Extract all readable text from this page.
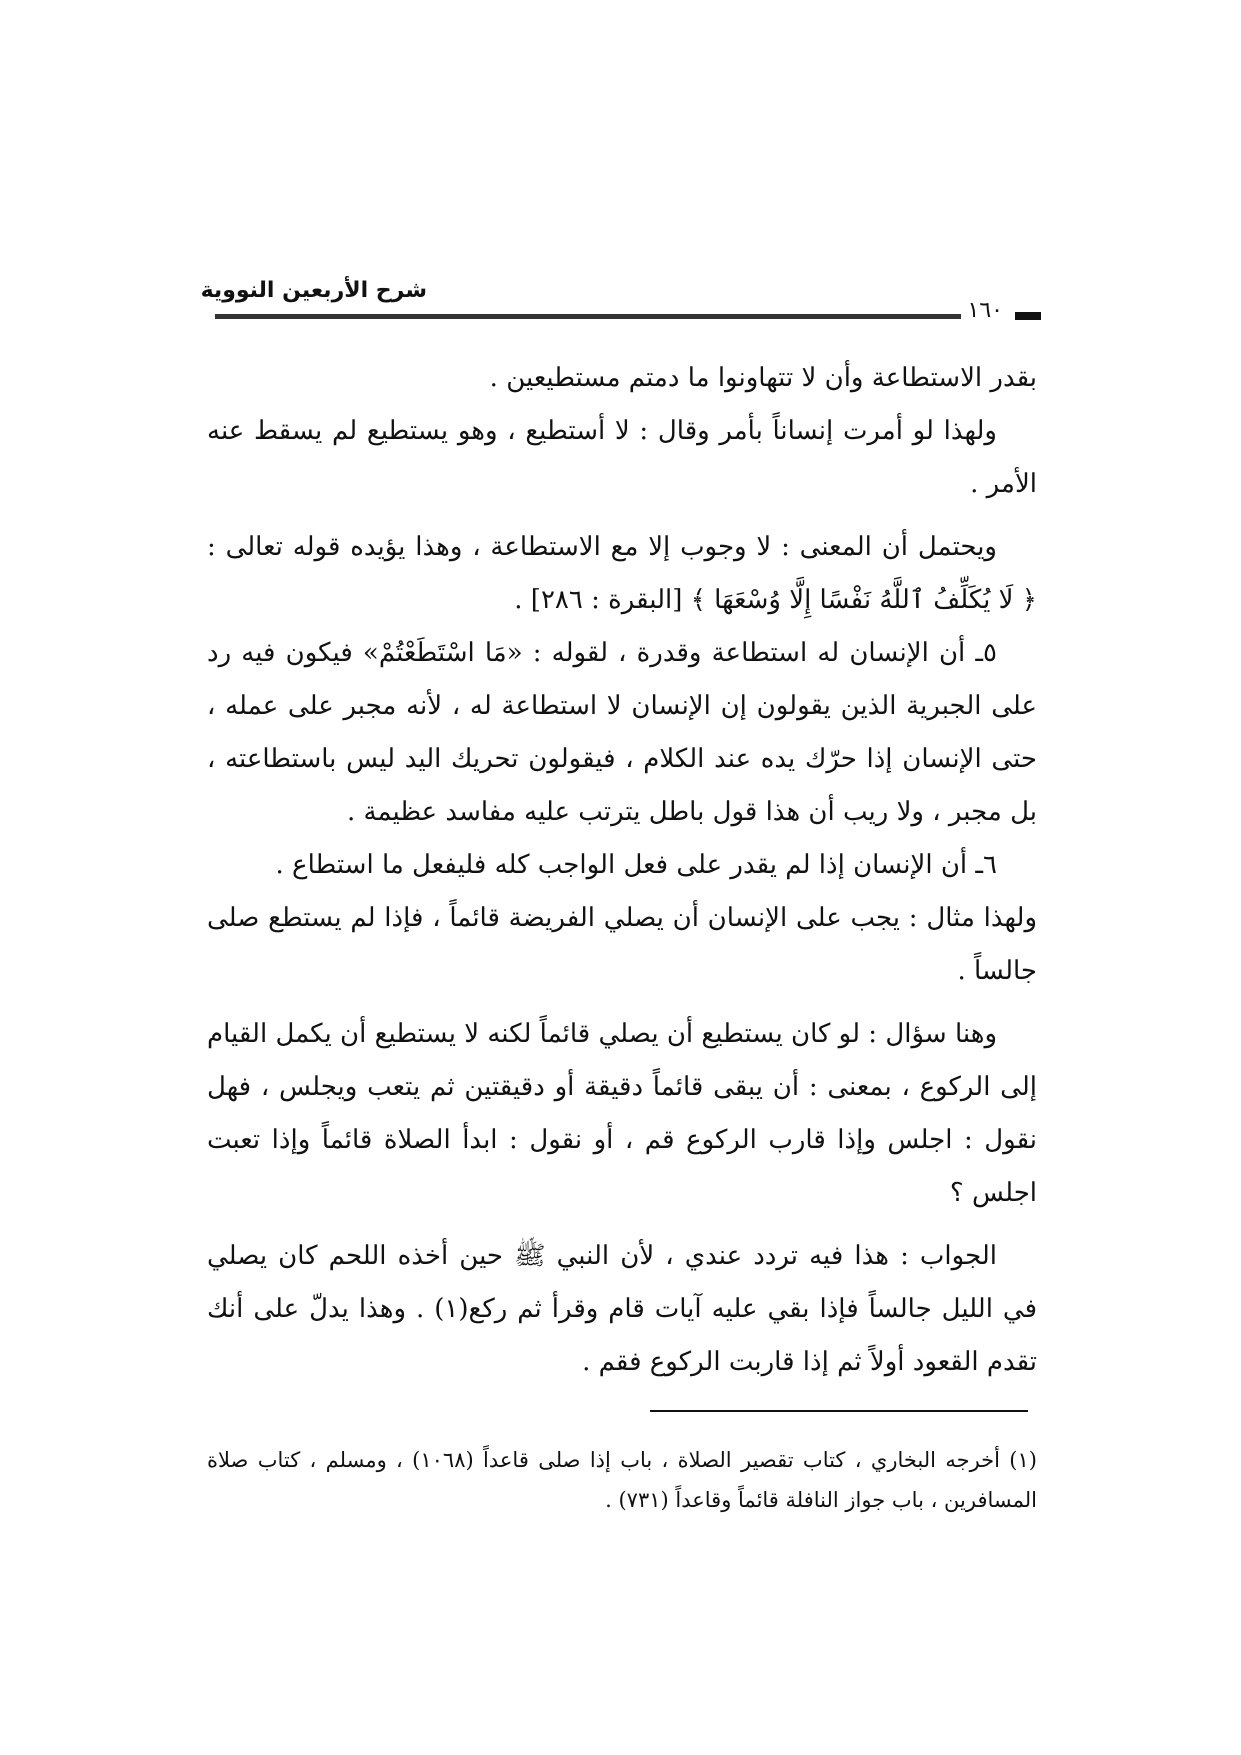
شرح الأربعين النووية
١٦٠

بقدر الاستطاعة وأن لا تتهاونوا ما دمتم مستطيعين .

ولهذا لو أمرت إنساناً بأمر وقال : لا أستطيع ، وهو يستطيع لم يسقط عنه الأمر .

ويحتمل أن المعنى : لا وجوب إلا مع الاستطاعة ، وهذا يؤيده قوله تعالى : ﴿ لَا يُكَلِّفُ ٱللَّهُ نَفْسًا إِلَّا وُسْعَهَا ﴾ [البقرة : ٢٨٦] .

٥ـ أن الإنسان له استطاعة وقدرة ، لقوله : «مَا اسْتَطَعْتُمْ» فيكون فيه رد على الجبرية الذين يقولون إن الإنسان لا استطاعة له ، لأنه مجبر على عمله ، حتى الإنسان إذا حرّك يده عند الكلام ، فيقولون تحريك اليد ليس باستطاعته ، بل مجبر ، ولا ريب أن هذا قول باطل يترتب عليه مفاسد عظيمة .

٦ـ أن الإنسان إذا لم يقدر على فعل الواجب كله فليفعل ما استطاع .

ولهذا مثال : يجب على الإنسان أن يصلي الفريضة قائماً ، فإذا لم يستطع صلى جالساً .

وهنا سؤال : لو كان يستطيع أن يصلي قائماً لكنه لا يستطيع أن يكمل القيام إلى الركوع ، بمعنى : أن يبقى قائماً دقيقة أو دقيقتين ثم يتعب ويجلس ، فهل نقول : اجلس وإذا قارب الركوع قم ، أو نقول : ابدأ الصلاة قائماً وإذا تعبت اجلس ؟

الجواب : هذا فيه تردد عندي ، لأن النبي ﷺ حين أخذه اللحم كان يصلي في الليل جالساً فإذا بقي عليه آيات قام وقرأ ثم ركع(١) . وهذا يدلّ على أنك تقدم القعود أولاً ثم إذا قاربت الركوع فقم .

(١) أخرجه البخاري ، كتاب تقصير الصلاة ، باب إذا صلى قاعداً (١٠٦٨) ، ومسلم ، كتاب صلاة المسافرين ، باب جواز النافلة قائماً وقاعداً (٧٣١) .
